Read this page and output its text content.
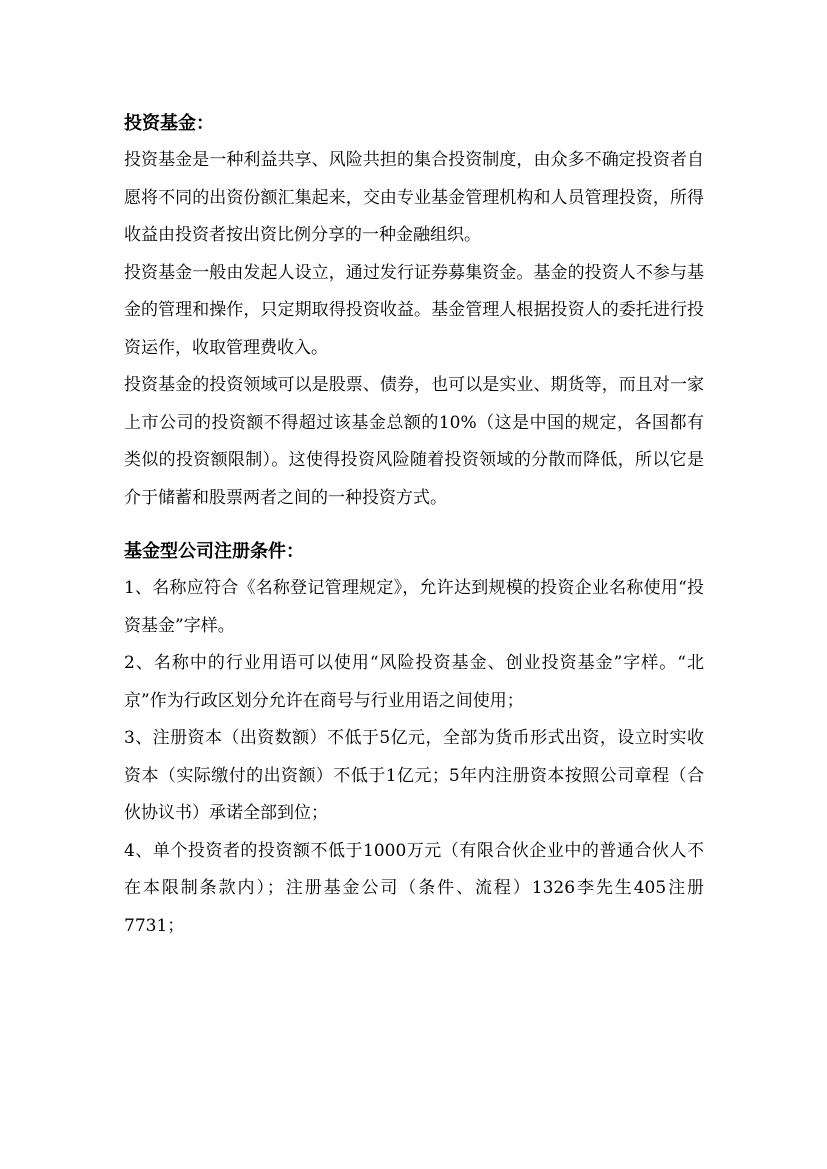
投资基金：

投资基金是一种利益共享、风险共担的集合投资制度，由众多不确定投资者自愿将不同的出资份额汇集起来，交由专业基金管理机构和人员管理投资，所得收益由投资者按出资比例分享的一种金融组织。

投资基金一般由发起人设立，通过发行证券募集资金。基金的投资人不参与基金的管理和操作，只定期取得投资收益。基金管理人根据投资人的委托进行投资运作，收取管理费收入。

投资基金的投资领域可以是股票、债券，也可以是实业、期货等，而且对一家上市公司的投资额不得超过该基金总额的10%（这是中国的规定，各国都有类似的投资额限制）。这使得投资风险随着投资领域的分散而降低，所以它是介于储蓄和股票两者之间的一种投资方式。

基金型公司注册条件：

1、名称应符合《名称登记管理规定》，允许达到规模的投资企业名称使用“投资基金”字样。

2、名称中的行业用语可以使用“风险投资基金、创业投资基金”字样。“北京”作为行政区划分允许在商号与行业用语之间使用；

3、注册资本（出资数额）不低于5亿元，全部为货币形式出资，设立时实收资本（实际缴付的出资额）不低于1亿元；5年内注册资本按照公司章程（合伙协议书）承诺全部到位；

4、单个投资者的投资额不低于1000万元（有限合伙企业中的普通合伙人不在本限制条款内）；注册基金公司（条件、流程）1326李先生405注册7731；
